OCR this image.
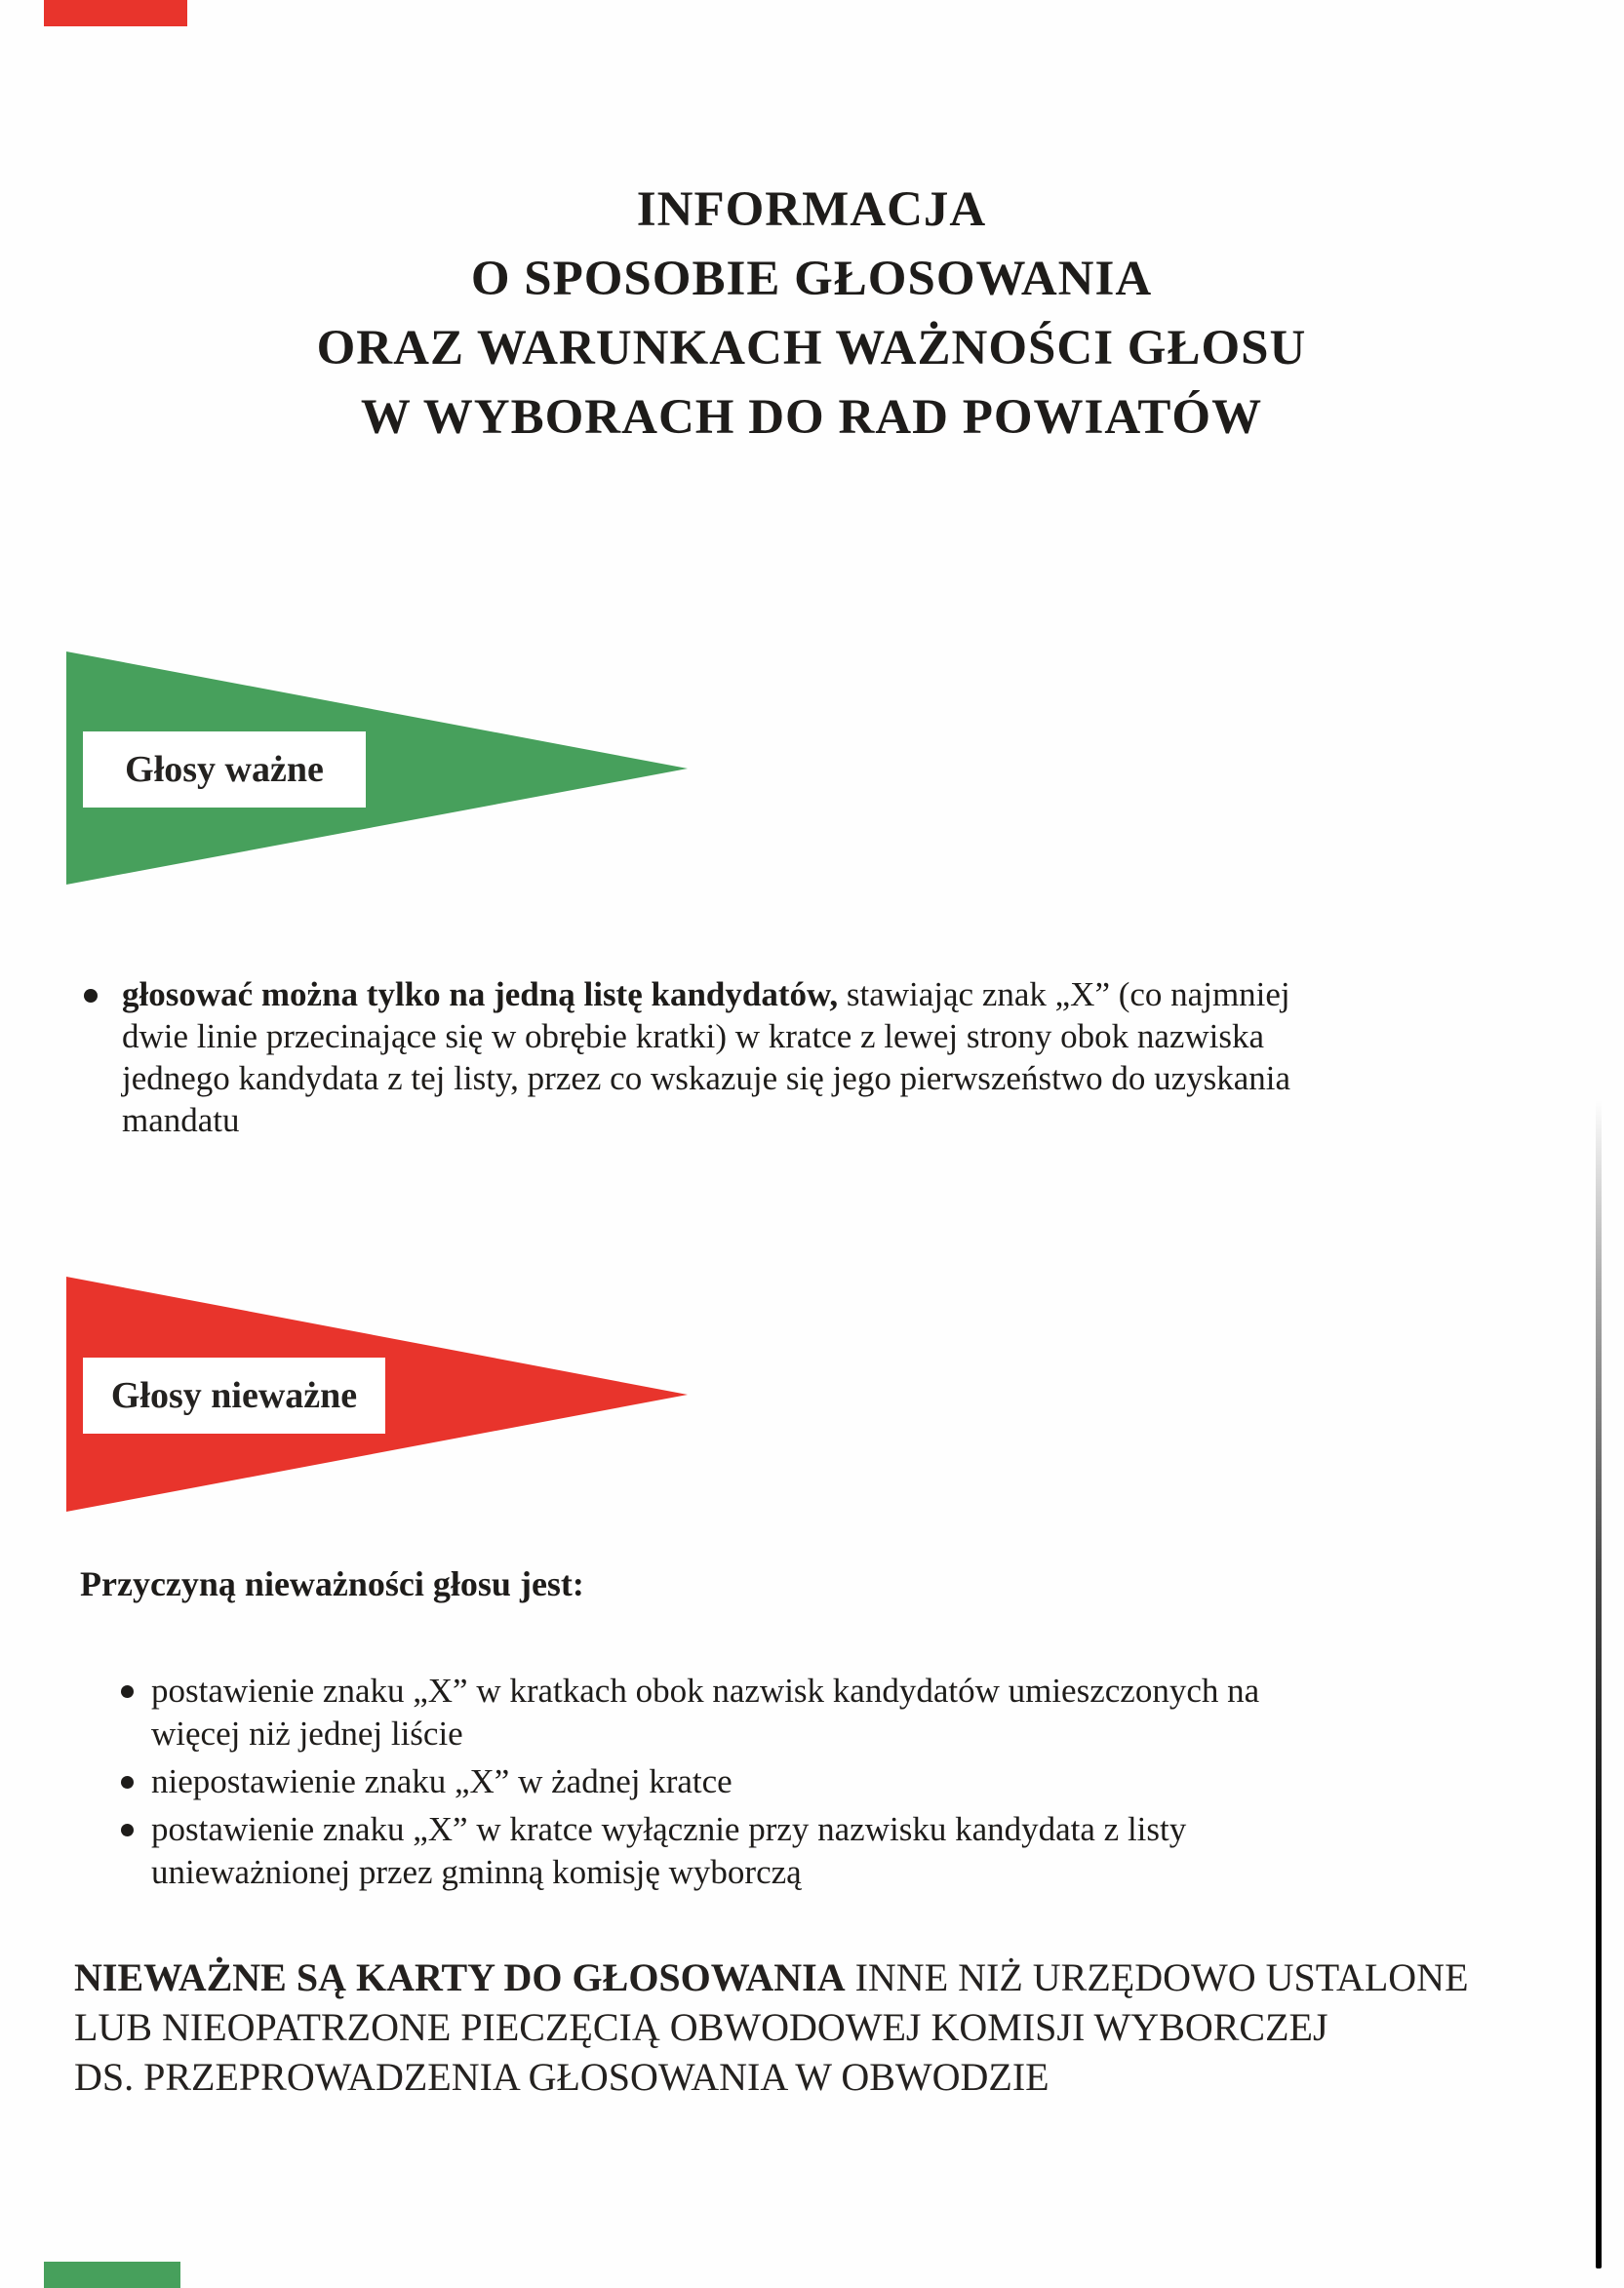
INFORMACJA
O SPOSOBIE GŁOSOWANIA
ORAZ WARUNKACH WAŻNOŚCI GŁOSU
W WYBORACH DO RAD POWIATÓW
Głosy ważne
głosować można tylko na jedną listę kandydatów, stawiając znak „X” (co najmniej
dwie linie przecinające się w obrębie kratki) w kratce z lewej strony obok nazwiska
jednego kandydata z tej listy, przez co wskazuje się jego pierwszeństwo do uzyskania
mandatu
Głosy nieważne
Przyczyną nieważności głosu jest:
postawienie znaku „X” w kratkach obok nazwisk kandydatów umieszczonych na
więcej niż jednej liście
niepostawienie znaku „X” w żadnej kratce
postawienie znaku „X” w kratce wyłącznie przy nazwisku kandydata z listy
unieważnionej przez gminną komisję wyborczą
NIEWAŻNE SĄ KARTY DO GŁOSOWANIA INNE NIŻ URZĘDOWO USTALONE
LUB NIEOPATRZONE PIECZĘCIĄ OBWODOWEJ KOMISJI WYBORCZEJ
DS. PRZEPROWADZENIA GŁOSOWANIA W OBWODZIE
